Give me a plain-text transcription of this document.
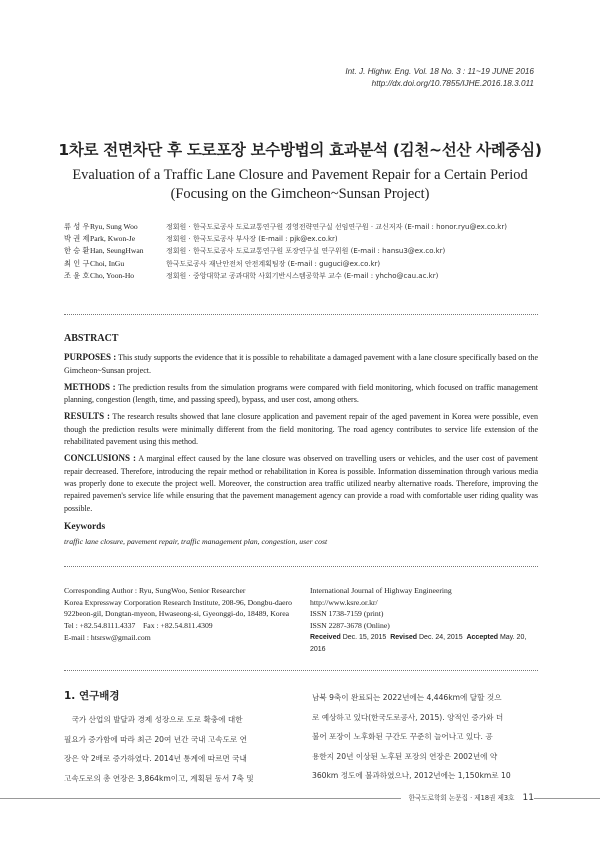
Int. J. Highw. Eng. Vol. 18 No. 3 : 11~19 JUNE 2016
http://dx.doi.org/10.7855/IJHE.2016.18.3.011
1차로 전면차단 후 도로포장 보수방법의 효과분석 (김천~선산 사례중심)
Evaluation of a Traffic Lane Closure and Pavement Repair for a Certain Period
(Focusing on the Gimcheon~Sunsan Project)
류 성 우 Ryu, Sung Woo	정회원 · 한국도로공사 도로교통연구원 경영전략연구실 선임연구원 · 교신저자 (E-mail : honor.ryu@ex.co.kr)
박 권 제 Park, Kwon-Je	정회원 · 한국도로공사 부사장 (E-mail : pjk@ex.co.kr)
한 승 환 Han, SeungHwan	정회원 · 한국도로공사 도로교통연구원 포장연구실 연구위원 (E-mail : hansu3@ex.co.kr)
최 인 구 Choi, InGu	한국도로공사 재난안전처 안전계획팀장 (E-mail : guguci@ex.co.kr)
조 윤 호 Cho, Yoon-Ho	정회원 · 중앙대학교 공과대학 사회기반시스템공학부 교수 (E-mail : yhcho@cau.ac.kr)
ABSTRACT

PURPOSES : This study supports the evidence that it is possible to rehabilitate a damaged pavement with a lane closure specifically based on the Gimcheon~Sunsan project.

METHODS : The prediction results from the simulation programs were compared with field monitoring, which focused on traffic management planning, congestion (length, time, and passing speed), bypass, and user cost, among others.

RESULTS : The research results showed that lane closure application and pavement repair of the aged pavement in Korea were possible, even though the prediction results were minimally different from the field monitoring. The road agency contributes to service life extension of the rehabilitated pavement using this method.

CONCLUSIONS : A marginal effect caused by the lane closure was observed on travelling users or vehicles, and the user cost of pavement repair decreased. Therefore, introducing the repair method or rehabilitation in Korea is possible. Information dissemination through various media was properly done to execute the project well. Moreover, the construction area traffic utilized nearby alternative roads. Therefore, improving the repaired pavemen's service life while ensuring that the pavement management agency can provide a road with comfortable user riding quality was possible.

Keywords
traffic lane closure, pavement repair, traffic management plan, congestion, user cost
Corresponding Author : Ryu, SungWoo, Senior Researcher
Korea Expressway Corporation Research Institute, 208-96, Dongbu-daero
922beon-gil, Dongtan-myeon, Hwaseong-si, Gyeonggi-do, 18489, Korea
Tel : +82.54.8111.4337    Fax : +82.54.811.4309
E-mail : htsrsw@gmail.com
International Journal of Highway Engineering
http://www.ksre.or.kr/
ISSN 1738-7159 (print)
ISSN 2287-3678 (Online)
Received Dec. 15, 2015 Revised Dec. 24, 2015 Accepted May. 20, 2016
1. 연구배경
　국가 산업의 발달과 경제 성장으로 도로 확충에 대한
필요가 증가함에 따라 최근 20여 년간 국내 고속도로 연
장은 약 2배로 증가하였다. 2014년 통계에 따르면 국내
고속도로의 총 연장은 3,864km이고, 계획된 동서 7축 및
남북 9축이 완료되는 2022년에는 4,446km에 달할 것으
로 예상하고 있다(한국도로공사, 2015). 양적인 증가와 더
불어 포장이 노후화된 구간도 꾸준히 늘어나고 있다. 공
용한지 20년 이상된 노후된 포장의 연장은 2002년에 약
360km 정도에 불과하였으나, 2012년에는 1,150km로 10
한국도로학회 논문집 · 제18권 제3호 11
